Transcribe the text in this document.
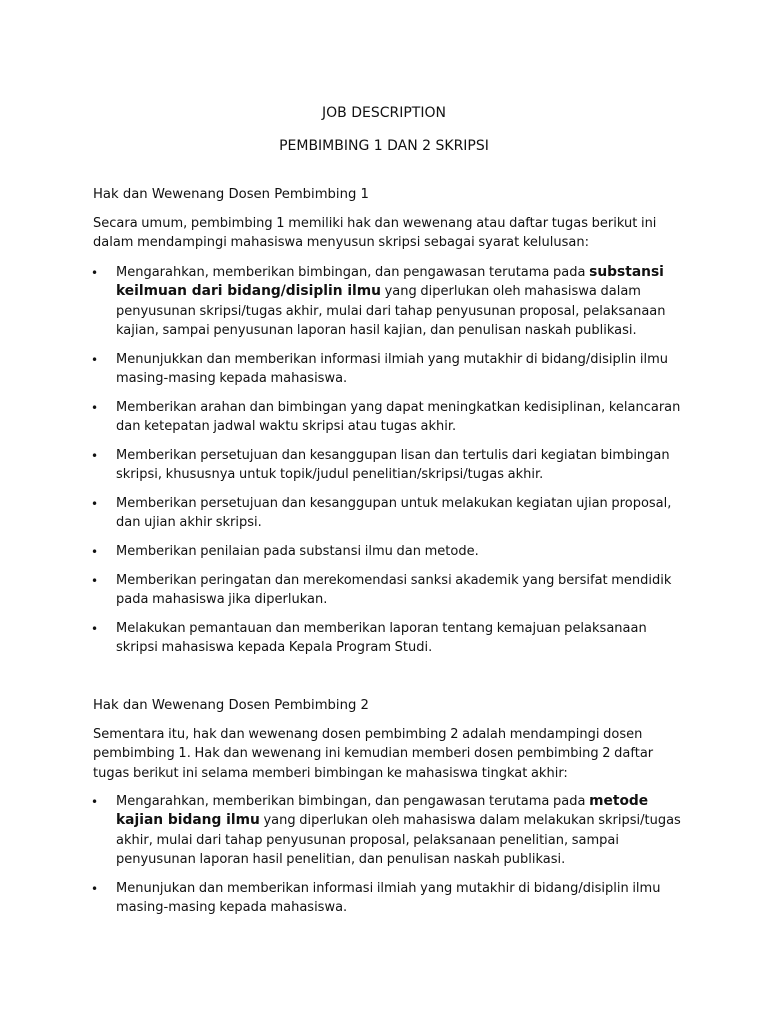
JOB DESCRIPTION
PEMBIMBING 1 DAN 2 SKRIPSI
Hak dan Wewenang Dosen Pembimbing 1
Secara umum, pembimbing 1 memiliki hak dan wewenang atau daftar tugas berikut ini dalam mendampingi mahasiswa menyusun skripsi sebagai syarat kelulusan:
• Mengarahkan, memberikan bimbingan, dan pengawasan terutama pada substansi keilmuan dari bidang/disiplin ilmu yang diperlukan oleh mahasiswa dalam penyusunan skripsi/tugas akhir, mulai dari tahap penyusunan proposal, pelaksanaan kajian, sampai penyusunan laporan hasil kajian, dan penulisan naskah publikasi.
• Menunjukkan dan memberikan informasi ilmiah yang mutakhir di bidang/disiplin ilmu masing-masing kepada mahasiswa.
• Memberikan arahan dan bimbingan yang dapat meningkatkan kedisiplinan, kelancaran dan ketepatan jadwal waktu skripsi atau tugas akhir.
• Memberikan persetujuan dan kesanggupan lisan dan tertulis dari kegiatan bimbingan skripsi, khususnya untuk topik/judul penelitian/skripsi/tugas akhir.
• Memberikan persetujuan dan kesanggupan untuk melakukan kegiatan ujian proposal, dan ujian akhir skripsi.
• Memberikan penilaian pada substansi ilmu dan metode.
• Memberikan peringatan dan merekomendasi sanksi akademik yang bersifat mendidik pada mahasiswa jika diperlukan.
• Melakukan pemantauan dan memberikan laporan tentang kemajuan pelaksanaan skripsi mahasiswa kepada Kepala Program Studi.
Hak dan Wewenang Dosen Pembimbing 2
Sementara itu, hak dan wewenang dosen pembimbing 2 adalah mendampingi dosen pembimbing 1. Hak dan wewenang ini kemudian memberi dosen pembimbing 2 daftar tugas berikut ini selama memberi bimbingan ke mahasiswa tingkat akhir:
• Mengarahkan, memberikan bimbingan, dan pengawasan terutama pada metode kajian bidang ilmu yang diperlukan oleh mahasiswa dalam melakukan skripsi/tugas akhir, mulai dari tahap penyusunan proposal, pelaksanaan penelitian, sampai penyusunan laporan hasil penelitian, dan penulisan naskah publikasi.
• Menunjukan dan memberikan informasi ilmiah yang mutakhir di bidang/disiplin ilmu masing-masing kepada mahasiswa.
